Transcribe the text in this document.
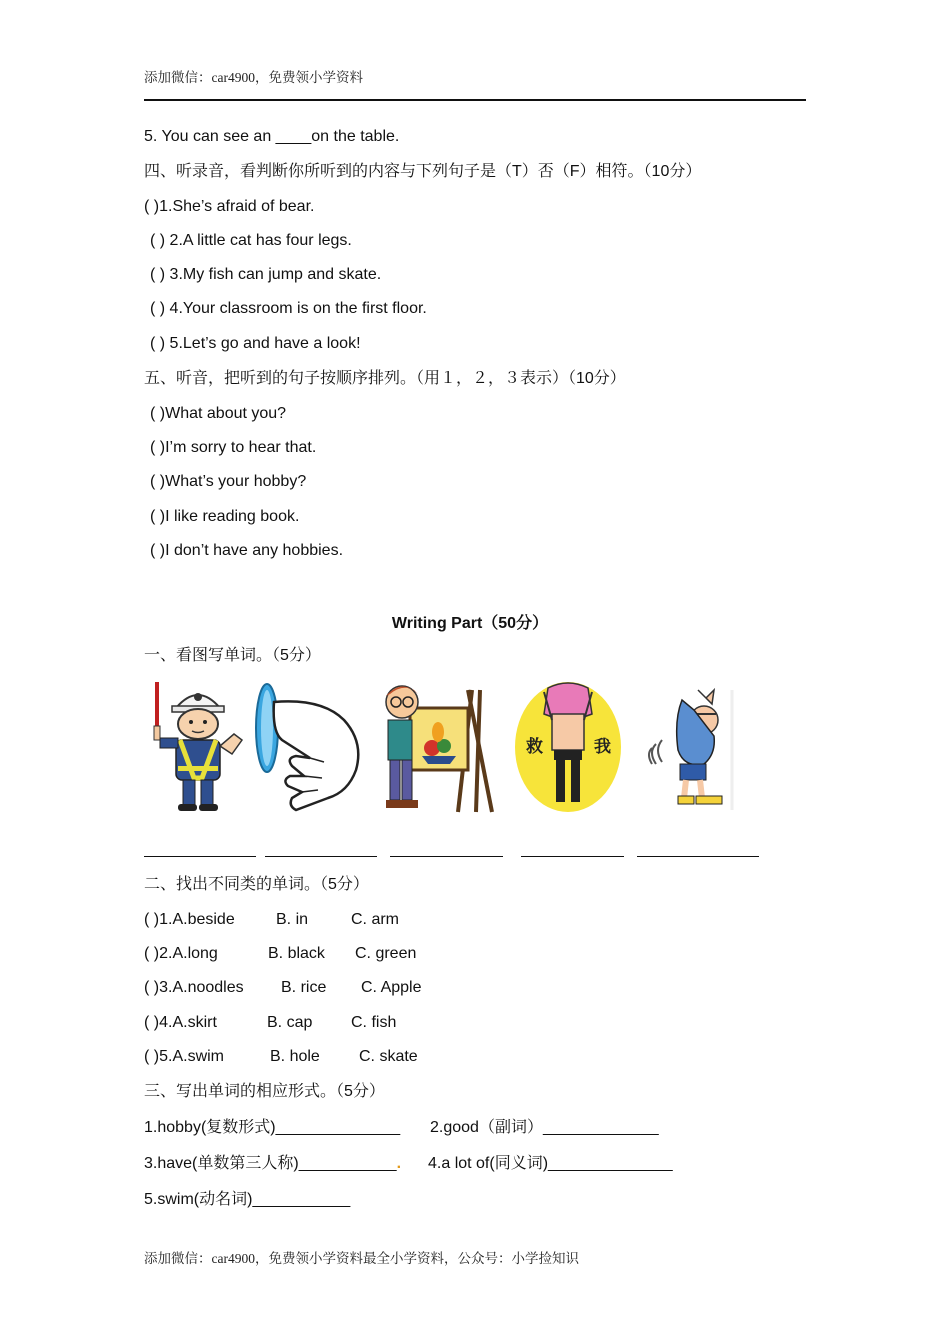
添加微信：car4900，免费领小学资料
5. You can see an ____on the table.
四、听录音，看判断你所听到的内容与下列句子是（T）否（F）相符。（10分）
( )1.She’s afraid of bear.
( ) 2.A little cat has four legs.
( ) 3.My fish can jump and skate.
( ) 4.Your classroom is on the first floor.
( ) 5.Let’s go and have a look!
五、听音，把听到的句子按顺序排列。（用１，２，３表示）（10分）
( )What about you?
( )I’m sorry to hear that.
( )What’s your hobby?
( )I like reading book.
( )I don’t have any hobbies.
Writing Part（50分）
一、看图写单词。（5分）
救	我
二、找出不同类的单词。（5分）
( )1.A.beside	B. in	C. arm
( )2.A.long	B. black C. green
( )3.A.noodles B. rice C. Apple
( )4.A.skirt	B. cap C. fish
( )5.A.swim	B. hole C. skate
三、写出单词的相应形式。（5分）
1.hobby(复数形式)______________ 2.good（副词）_____________
3.have(单数第三人称)___________. 4.a lot of(同义词)______________
5.swim(动名词)___________
添加微信：car4900，免费领小学资料最全小学资料，公众号：小学捡知识
